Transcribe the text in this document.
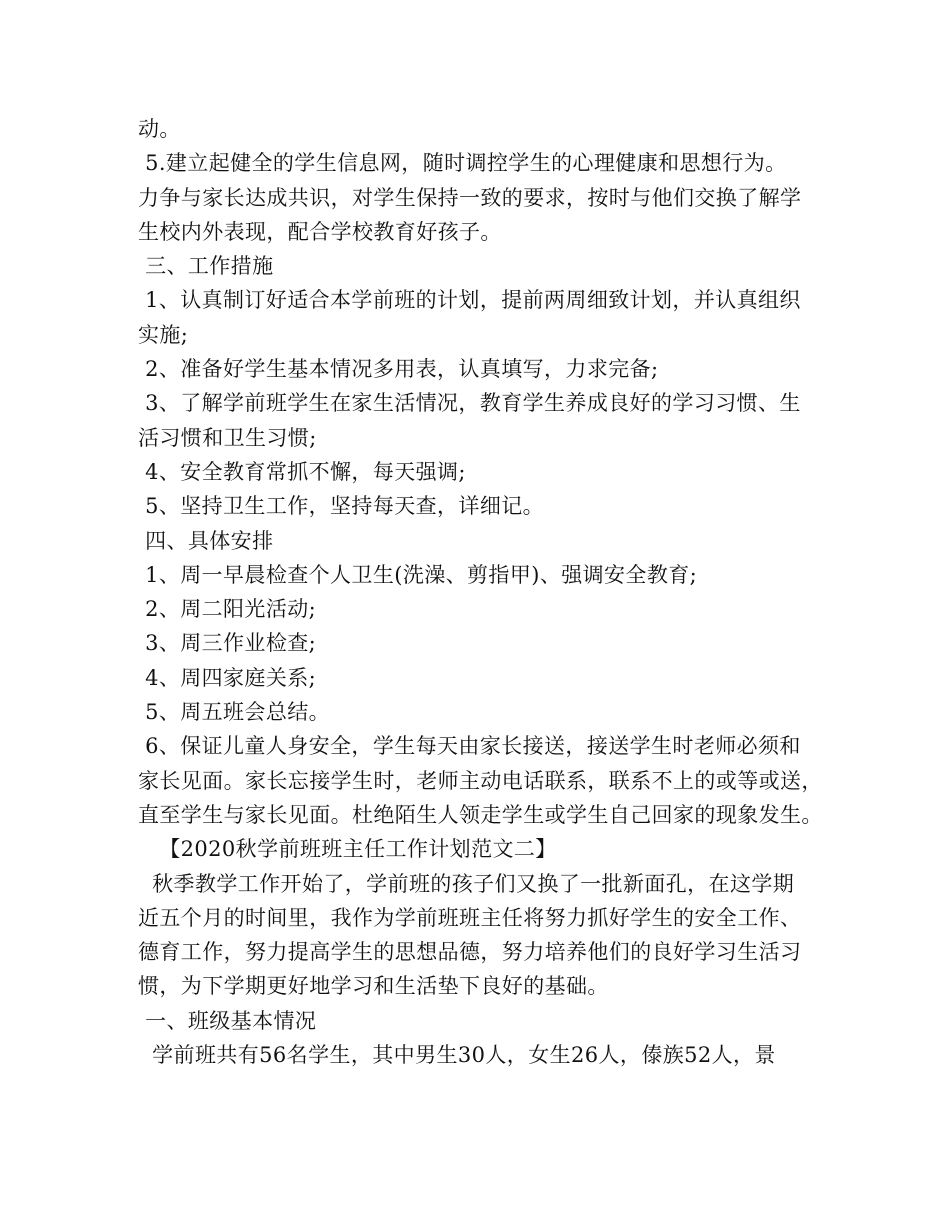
动。
5.建立起健全的学生信息网，随时调控学生的心理健康和思想行为。
力争与家长达成共识，对学生保持一致的要求，按时与他们交换了解学
生校内外表现，配合学校教育好孩子。
三、工作措施
1、认真制订好适合本学前班的计划，提前两周细致计划，并认真组织
实施;
2、准备好学生基本情况多用表，认真填写，力求完备;
3、了解学前班学生在家生活情况，教育学生养成良好的学习习惯、生
活习惯和卫生习惯;
4、安全教育常抓不懈，每天强调;
5、坚持卫生工作，坚持每天查，详细记。
四、具体安排
1、周一早晨检查个人卫生(洗澡、剪指甲)、强调安全教育;
2、周二阳光活动;
3、周三作业检查;
4、周四家庭关系;
5、周五班会总结。
6、保证儿童人身安全，学生每天由家长接送，接送学生时老师必须和
家长见面。家长忘接学生时，老师主动电话联系，联系不上的或等或送，
直至学生与家长见面。杜绝陌生人领走学生或学生自己回家的现象发生。
【2020秋学前班班主任工作计划范文二】
秋季教学工作开始了，学前班的孩子们又换了一批新面孔，在这学期
近五个月的时间里，我作为学前班班主任将努力抓好学生的安全工作、
德育工作，努力提高学生的思想品德，努力培养他们的良好学习生活习
惯，为下学期更好地学习和生活垫下良好的基础。
一、班级基本情况
学前班共有56名学生，其中男生30人，女生26人，傣族52人，景
